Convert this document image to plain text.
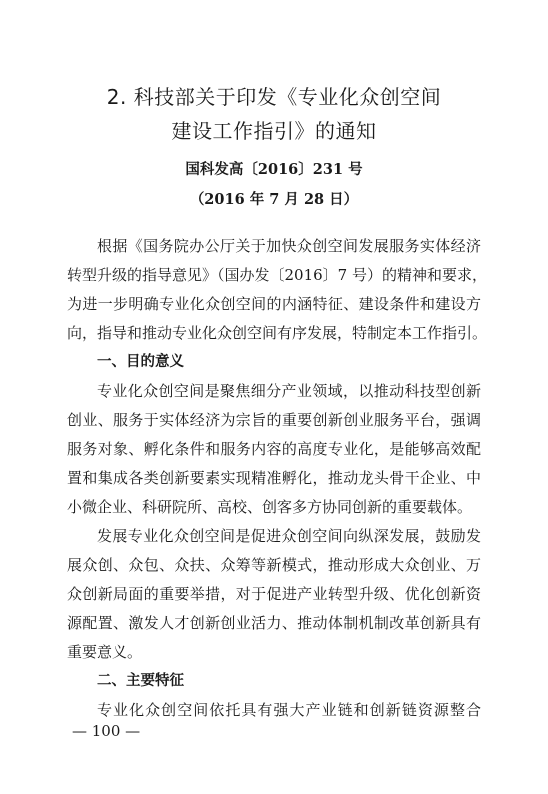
2. 科技部关于印发《专业化众创空间
建设工作指引》的通知
国科发高〔2016〕231 号
（2016 年 7 月 28 日）
根据《国务院办公厅关于加快众创空间发展服务实体经济
转型升级的指导意见》（国办发〔2016〕7 号）的精神和要求，
为进一步明确专业化众创空间的内涵特征、建设条件和建设方
向，指导和推动专业化众创空间有序发展，特制定本工作指引。
一、目的意义
专业化众创空间是聚焦细分产业领域，以推动科技型创新
创业、服务于实体经济为宗旨的重要创新创业服务平台，强调
服务对象、孵化条件和服务内容的高度专业化，是能够高效配
置和集成各类创新要素实现精准孵化，推动龙头骨干企业、中
小微企业、科研院所、高校、创客多方协同创新的重要载体。
发展专业化众创空间是促进众创空间向纵深发展，鼓励发
展众创、众包、众扶、众筹等新模式，推动形成大众创业、万
众创新局面的重要举措，对于促进产业转型升级、优化创新资
源配置、激发人才创新创业活力、推动体制机制改革创新具有
重要意义。
二、主要特征
专业化众创空间依托具有强大产业链和创新链资源整合
— 100 —
